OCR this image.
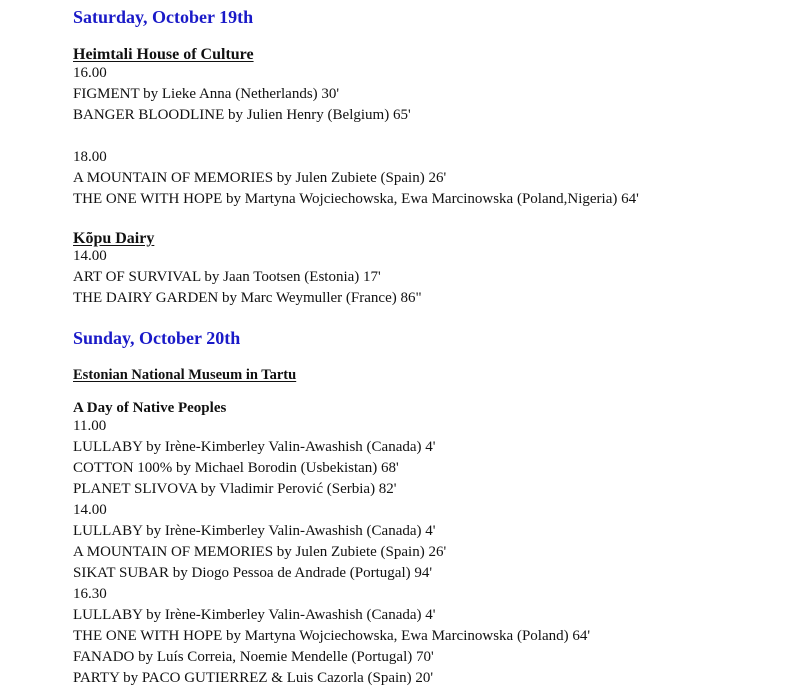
Saturday, October 19th
Heimtali House of Culture
16.00
FIGMENT by Lieke Anna (Netherlands) 30'
BANGER BLOODLINE by Julien Henry (Belgium) 65'
18.00
A MOUNTAIN OF MEMORIES by Julen Zubiete (Spain) 26'
THE ONE WITH HOPE by Martyna Wojciechowska, Ewa Marcinowska (Poland,Nigeria) 64'
Kõpu Dairy
14.00
ART OF SURVIVAL by Jaan Tootsen (Estonia) 17'
THE DAIRY GARDEN by Marc Weymuller (France) 86"
Sunday, October 20th
Estonian National Museum in Tartu
A Day of Native Peoples
11.00
LULLABY by Irène-Kimberley Valin-Awashish (Canada) 4'
COTTON 100% by Michael Borodin (Usbekistan) 68'
PLANET SLIVOVA by Vladimir Perović (Serbia) 82'
14.00
LULLABY by Irène-Kimberley Valin-Awashish (Canada) 4'
A MOUNTAIN OF MEMORIES by Julen Zubiete (Spain) 26'
SIKAT SUBAR by Diogo Pessoa de Andrade (Portugal) 94'
16.30
LULLABY by Irène-Kimberley Valin-Awashish (Canada) 4'
THE ONE WITH HOPE by Martyna Wojciechowska, Ewa Marcinowska (Poland) 64'
FANADO by Luís Correia, Noemie Mendelle (Portugal) 70'
PARTY by PACO GUTIERREZ & Luis Cazorla (Spain) 20'
